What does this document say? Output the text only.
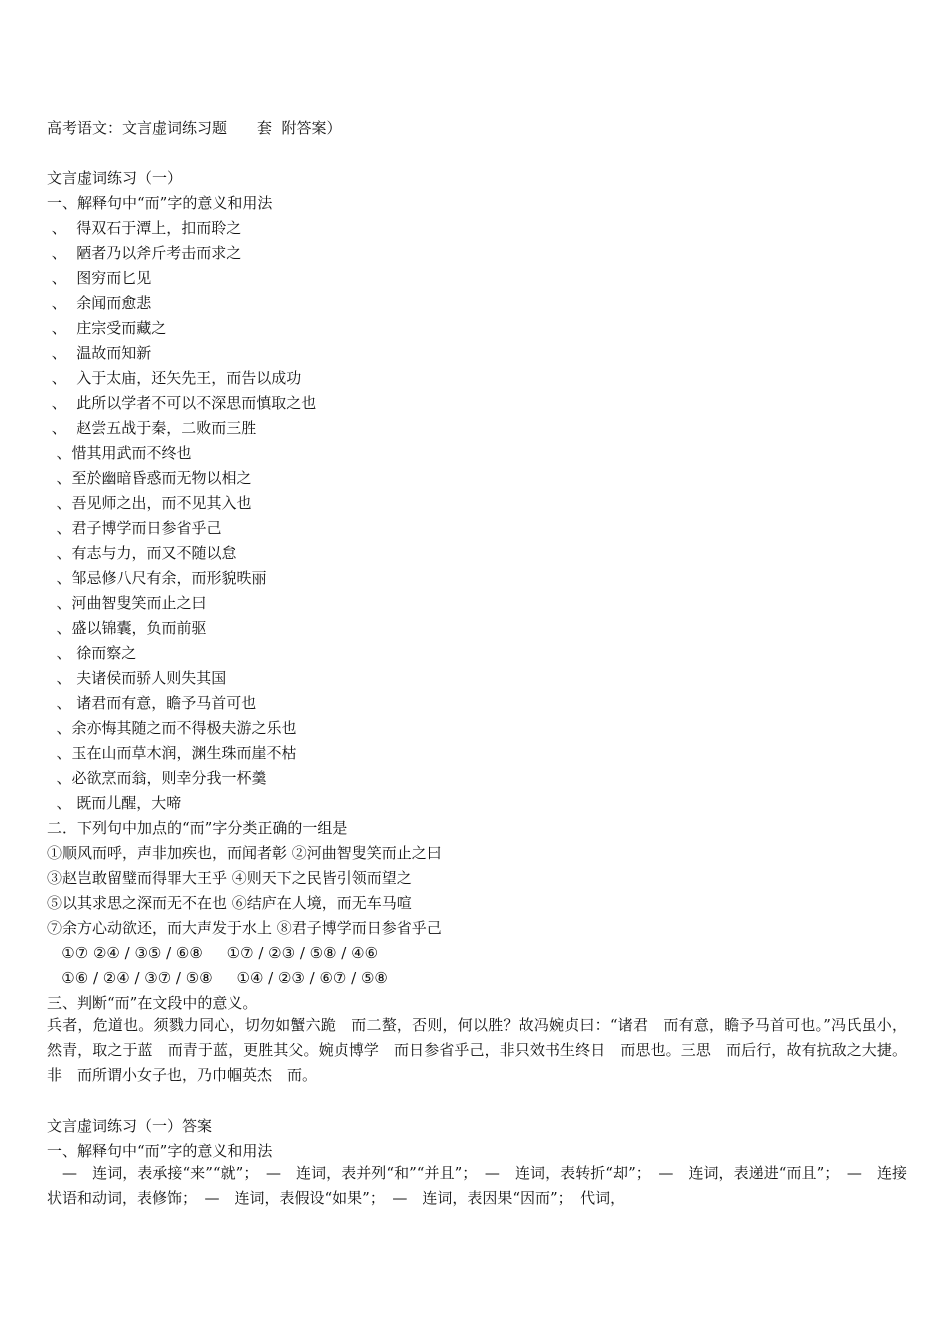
高考语文：文言虚词练习题　　套  附答案）
文言虚词练习（一）
一、解释句中“而”字的意义和用法
、  得双石于潭上，扣而聆之
、  陋者乃以斧斤考击而求之
、  图穷而匕见
、  余闻而愈悲
、  庄宗受而藏之
、  温故而知新
、  入于太庙，还矢先王，而告以成功
、  此所以学者不可以不深思而慎取之也
、  赵尝五战于秦，二败而三胜
、惜其用武而不终也
、至於幽暗昏惑而无物以相之
、吾见师之出，而不见其入也
、君子博学而日参省乎己
、有志与力，而又不随以怠
、邹忌修八尺有余，而形貌昳丽
、河曲智叟笑而止之曰
、盛以锦囊，负而前驱
、 徐而察之
、 夫诸侯而骄人则失其国
、 诸君而有意，瞻予马首可也
、余亦悔其随之而不得极夫游之乐也
、玉在山而草木润，渊生珠而崖不枯
、必欲烹而翁，则幸分我一杯羹
、 既而儿醒，大啼
二．下列句中加点的“而”字分类正确的一组是
①顺风而呼，声非加疾也，而闻者彰 ②河曲智叟笑而止之曰
③赵岂敢留璧而得罪大王乎 ④则天下之民皆引领而望之
⑤以其求思之深而无不在也 ⑥结庐在人境，而无车马喧
⑦余方心动欲还，而大声发于水上 ⑧君子博学而日参省乎己
①⑦ ②④ / ③⑤ / ⑥⑧     ①⑦ / ②③ / ⑤⑧ / ④⑥
①⑥ / ②④ / ③⑦ / ⑤⑧     ①④ / ②③ / ⑥⑦ / ⑤⑧
三、判断“而”在文段中的意义。
兵者，危道也。须戮力同心，切勿如蟹六跪　而二螯，否则，何以胜？故冯婉贞曰：“诸君　而有意，瞻予马首可也。”冯氏虽小，然青，取之于蓝　而青于蓝，更胜其父。婉贞博学　而日参省乎己，非只效书生终日　而思也。三思　而后行，故有抗敌之大捷。非　而所谓小女子也，乃巾帼英杰　而。
文言虚词练习（一）答案
一、解释句中“而”字的意义和用法
　—　连词，表承接“来”“就”；　—　连词，表并列“和”“并且”；　—　连词，表转折“却”；　—　连词，表递进“而且”；　—　连接状语和动词，表修饰；　—　连词，表假设“如果”；　—　连词，表因果“因而”；　代词，
